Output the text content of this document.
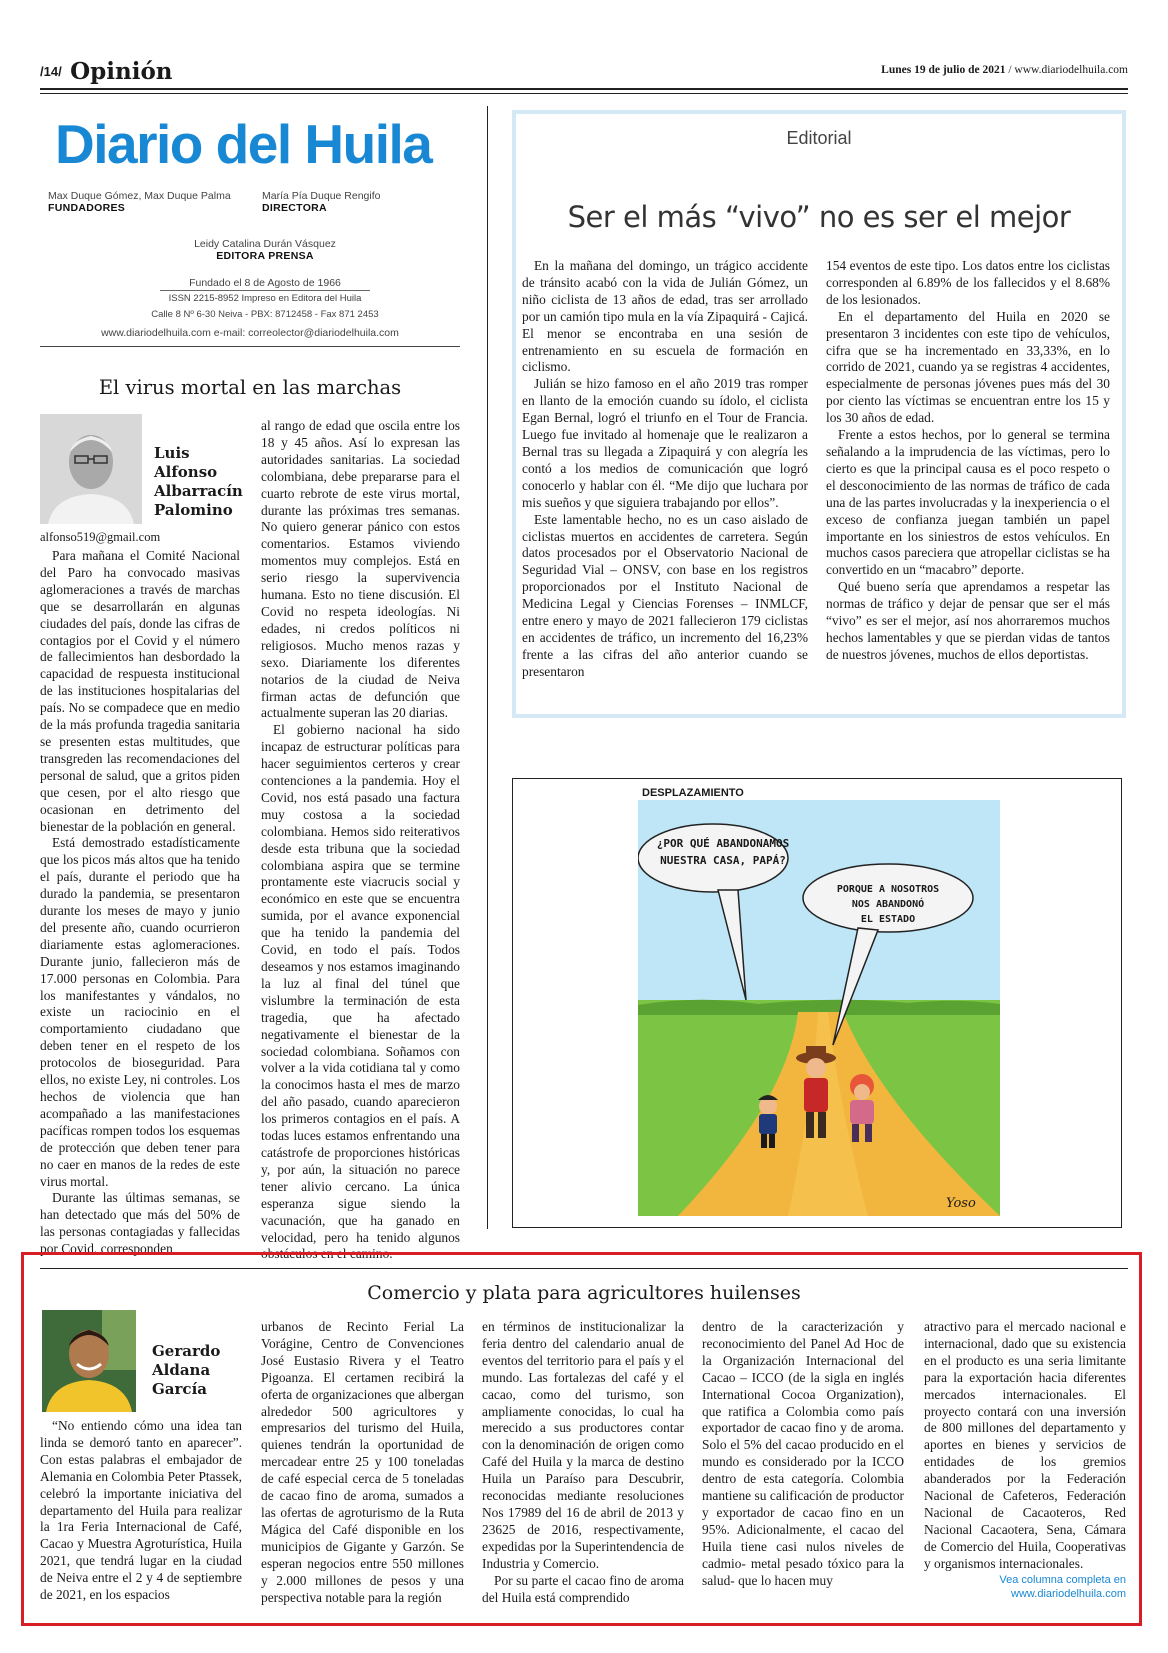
/14/ Opinión	Lunes 19 de julio de 2021 / www.diariodelhuila.com
Diario del Huila
Max Duque Gómez, Max Duque Palma
FUNDADORES
María Pía Duque Rengifo
DIRECTORA
Leidy Catalina Durán Vásquez
EDITORA PRENSA
Fundado el 8 de Agosto de 1966
ISSN 2215-8952 Impreso en Editora del Huila
Calle 8 Nº 6-30 Neiva - PBX: 8712458 - Fax 871 2453
www.diariodelhuila.com e-mail: correolector@diariodelhuila.com
El virus mortal en las marchas
Luis
Alfonso
Albarracín
Palomino
alfonso519@gmail.com

Para mañana el Comité Nacional del Paro ha convocado masivas aglomeraciones a través de marchas que se desarrollarán en algunas ciudades del país, donde las cifras de contagios por el Covid y el número de fallecimientos han desbordado la capacidad de respuesta institucional de las instituciones hospitalarias del país. No se compadece que en medio de la más profunda tragedia sanitaria se presenten estas multitudes, que transgreden las recomendaciones del personal de salud, que a gritos piden que cesen, por el alto riesgo que ocasionan en detrimento del bienestar de la población en general.

Está demostrado estadísticamente que los picos más altos que ha tenido el país, durante el periodo que ha durado la pandemia, se presentaron durante los meses de mayo y junio del presente año, cuando ocurrieron diariamente estas aglomeraciones. Durante junio, fallecieron más de 17.000 personas en Colombia. Para los manifestantes y vándalos, no existe un raciocinio en el comportamiento ciudadano que deben tener en el respeto de los protocolos de bioseguridad. Para ellos, no existe Ley, ni controles. Los hechos de violencia que han acompañado a las manifestaciones pacíficas rompen todos los esquemas de protección que deben tener para no caer en manos de la redes de este virus mortal.

Durante las últimas semanas, se han detectado que más del 50% de las personas contagiadas y fallecidas por Covid, corresponden

al rango de edad que oscila entre los 18 y 45 años. Así lo expresan las autoridades sanitarias. La sociedad colombiana, debe prepararse para el cuarto rebrote de este virus mortal, durante las próximas tres semanas. No quiero generar pánico con estos comentarios. Estamos viviendo momentos muy complejos. Está en serio riesgo la supervivencia humana. Esto no tiene discusión. El Covid no respeta ideologías. Ni edades, ni credos políticos ni religiosos. Mucho menos razas y sexo. Diariamente los diferentes notarios de la ciudad de Neiva firman actas de defunción que actualmente superan las 20 diarias.

El gobierno nacional ha sido incapaz de estructurar políticas para hacer seguimientos certeros y crear contenciones a la pandemia. Hoy el Covid, nos está pasado una factura muy costosa a la sociedad colombiana. Hemos sido reiterativos desde esta tribuna que la sociedad colombiana aspira que se termine prontamente este viacrucis social y económico en este que se encuentra sumida, por el avance exponencial que ha tenido la pandemia del Covid, en todo el país. Todos deseamos y nos estamos imaginando la luz al final del túnel que vislumbre la terminación de esta tragedia, que ha afectado negativamente el bienestar de la sociedad colombiana. Soñamos con volver a la vida cotidiana tal y como la conocimos hasta el mes de marzo del año pasado, cuando aparecieron los primeros contagios en el país. A todas luces estamos enfrentando una catástrofe de proporciones históricas y, por aún, la situación no parece tener alivio cercano. La única esperanza sigue siendo la vacunación, que ha ganado en velocidad, pero ha tenido algunos obstáculos en el camino.

Editorial
Ser el más “vivo” no es ser el mejor

En la mañana del domingo, un trágico accidente de tránsito acabó con la vida de Julián Gómez, un niño ciclista de 13 años de edad, tras ser arrollado por un camión tipo mula en la vía Zipaquirá - Cajicá. El menor se encontraba en una sesión de entrenamiento en su escuela de formación en ciclismo.

Julián se hizo famoso en el año 2019 tras romper en llanto de la emoción cuando su ídolo, el ciclista Egan Bernal, logró el triunfo en el Tour de Francia. Luego fue invitado al homenaje que le realizaron a Bernal tras su llegada a Zipaquirá y con alegría les contó a los medios de comunicación que logró conocerlo y hablar con él. “Me dijo que luchara por mis sueños y que siguiera trabajando por ellos”.

Este lamentable hecho, no es un caso aislado de ciclistas muertos en accidentes de carretera. Según datos procesados por el Observatorio Nacional de Seguridad Vial – ONSV, con base en los registros proporcionados por el Instituto Nacional de Medicina Legal y Ciencias Forenses – INMLCF, entre enero y mayo de 2021 fallecieron 179 ciclistas en accidentes de tráfico, un incremento del 16,23% frente a las cifras del año anterior cuando se presentaron

154 eventos de este tipo. Los datos entre los ciclistas corresponden al 6.89% de los fallecidos y el 8.68% de los lesionados.

En el departamento del Huila en 2020 se presentaron 3 incidentes con este tipo de vehículos, cifra que se ha incrementado en 33,33%, en lo corrido de 2021, cuando ya se registras 4 accidentes, especialmente de personas jóvenes pues más del 30 por ciento las víctimas se encuentran entre los 15 y los 30 años de edad.

Frente a estos hechos, por lo general se termina señalando a la imprudencia de las víctimas, pero lo cierto es que la principal causa es el poco respeto o el desconocimiento de las normas de tráfico de cada una de las partes involucradas y la inexperiencia o el exceso de confianza juegan también un papel importante en los siniestros de estos vehículos. En muchos casos pareciera que atropellar ciclistas se ha convertido en un “macabro” deporte.

Qué bueno sería que aprendamos a respetar las normas de tráfico y dejar de pensar que ser el más “vivo” es ser el mejor, así nos ahorraremos muchos hechos lamentables y que se pierdan vidas de tantos de nuestros jóvenes, muchos de ellos deportistas.

DESPLAZAMIENTO
¿POR QUÉ ABANDONAMOS
NUESTRA CASA, PAPÁ?
PORQUE A NOSOTROS
NOS ABANDONÓ
EL ESTADO
Yoso
Comercio y plata para agricultores huilenses
Gerardo
Aldana
García

“No entiendo cómo una idea tan linda se demoró tanto en aparecer”. Con estas palabras el embajador de Alemania en Colombia Peter Ptassek, celebró la importante iniciativa del departamento del Huila para realizar la 1ra Feria Internacional de Café, Cacao y Muestra Agroturística, Huila 2021, que tendrá lugar en la ciudad de Neiva entre el 2 y 4 de septiembre de 2021, en los espacios

urbanos de Recinto Ferial La Vorágine, Centro de Convenciones José Eustasio Rivera y el Teatro Pigoanza. El certamen recibirá la oferta de organizaciones que albergan alrededor 500 agricultores y empresarios del turismo del Huila, quienes tendrán la oportunidad de mercadear entre 25 y 100 toneladas de café especial cerca de 5 toneladas de cacao fino de aroma, sumados a las ofertas de agroturismo de la Ruta Mágica del Café disponible en los municipios de Gigante y Garzón. Se esperan negocios entre 550 millones y 2.000 millones de pesos y una perspectiva notable para la región

en términos de institucionalizar la feria dentro del calendario anual de eventos del territorio para el país y el mundo. Las fortalezas del café y el cacao, como del turismo, son ampliamente conocidas, lo cual ha merecido a sus productores contar con la denominación de origen como Café del Huila y la marca de destino Huila un Paraíso para Descubrir, reconocidas mediante resoluciones Nos 17989 del 16 de abril de 2013 y 23625 de 2016, respectivamente, expedidas por la Superintendencia de Industria y Comercio.

Por su parte el cacao fino de aroma del Huila está comprendido

dentro de la caracterización y reconocimiento del Panel Ad Hoc de la Organización Internacional del Cacao – ICCO (de la sigla en inglés International Cocoa Organization), que ratifica a Colombia como país exportador de cacao fino y de aroma. Solo el 5% del cacao producido en el mundo es considerado por la ICCO dentro de esta categoría. Colombia mantiene su calificación de productor y exportador de cacao fino en un 95%. Adicionalmente, el cacao del Huila tiene casi nulos niveles de cadmio- metal pesado tóxico para la salud- que lo hacen muy

atractivo para el mercado nacional e internacional, dado que su existencia en el producto es una seria limitante para la exportación hacia diferentes mercados internacionales. El proyecto contará con una inversión de 800 millones del departamento y aportes en bienes y servicios de entidades de los gremios abanderados por la Federación Nacional de Cafeteros, Federación Nacional de Cacaoteros, Red Nacional Cacaotera, Sena, Cámara de Comercio del Huila, Cooperativas y organismos internacionales.

Vea columna completa en
www.diariodelhuila.com
